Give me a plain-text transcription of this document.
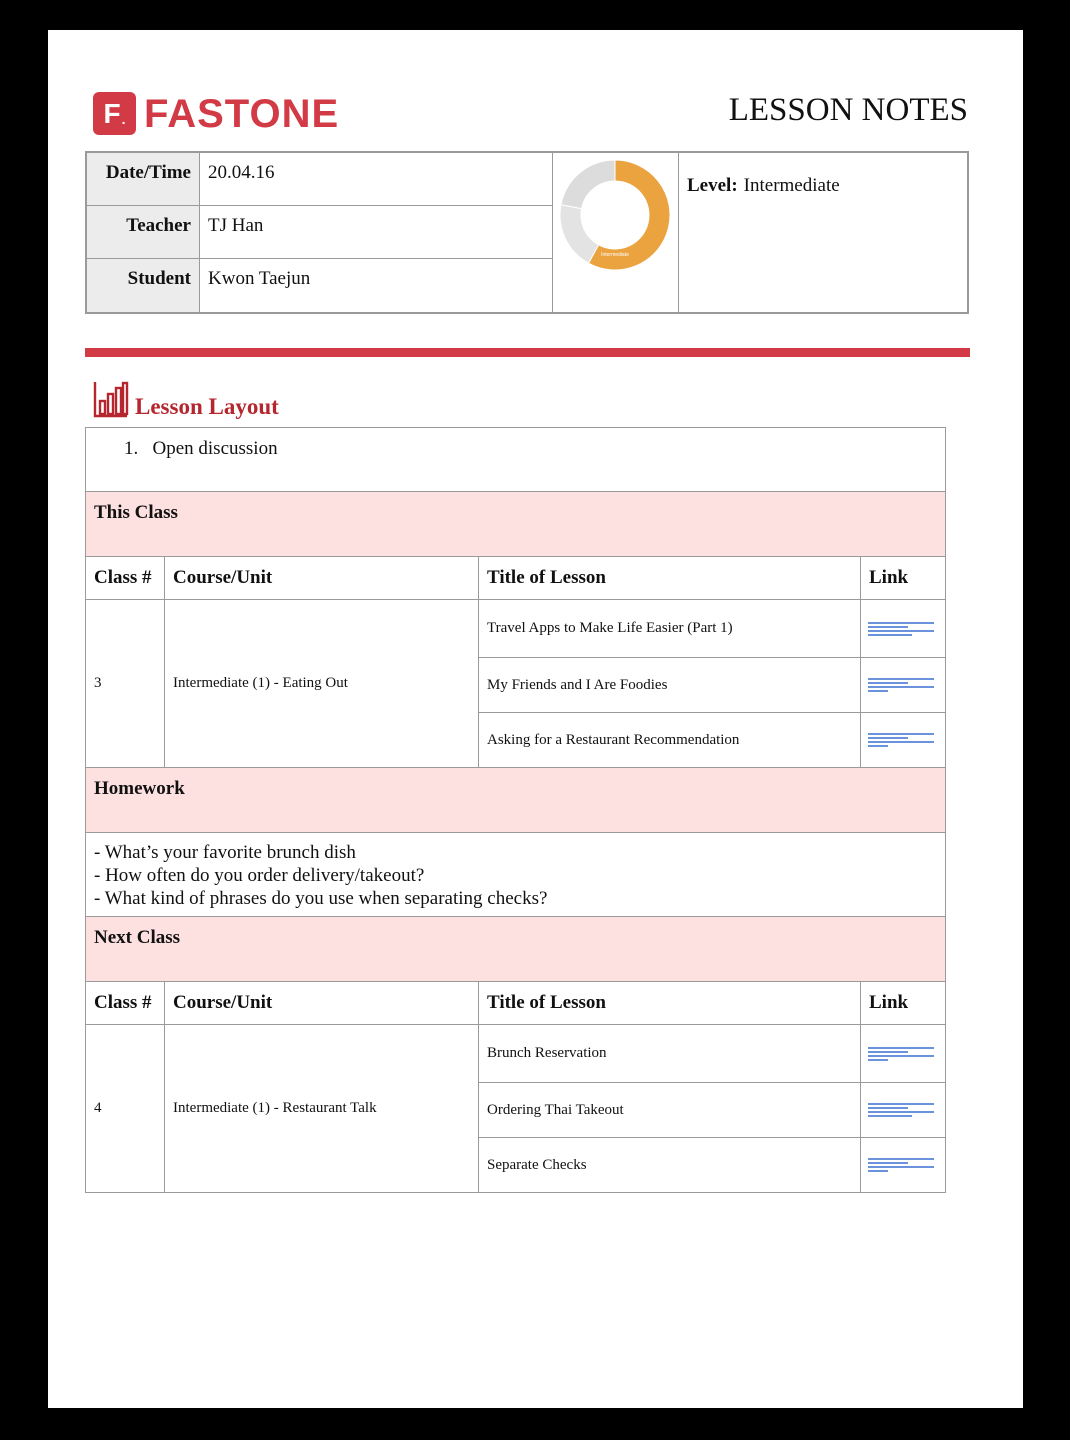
F . FASTONE	LESSON NOTES
Date/Time 20.04.16
Teacher TJ Han
Student Kwon Taejun
Intermediate
Level: Intermediate
Lesson Layout
1. Open discussion			
This Class			
Class #	Course/Unit	Title of Lesson	Link
3	Intermediate (1) - Eating Out	Travel Apps to Make Life Easier (Part 1)	

		My Friends and I Are Foodies	

		Asking for a Restaurant Recommendation	

Homework			

- What’s your favorite brunch dish
- How often do you order delivery/takeout?
- What kind of phrases do you use when separating checks?			

Next Class			
Class #	Course/Unit	Title of Lesson	Link
4	Intermediate (1) - Restaurant Talk	Brunch Reservation	

		Ordering Thai Takeout	

		Separate Checks	
